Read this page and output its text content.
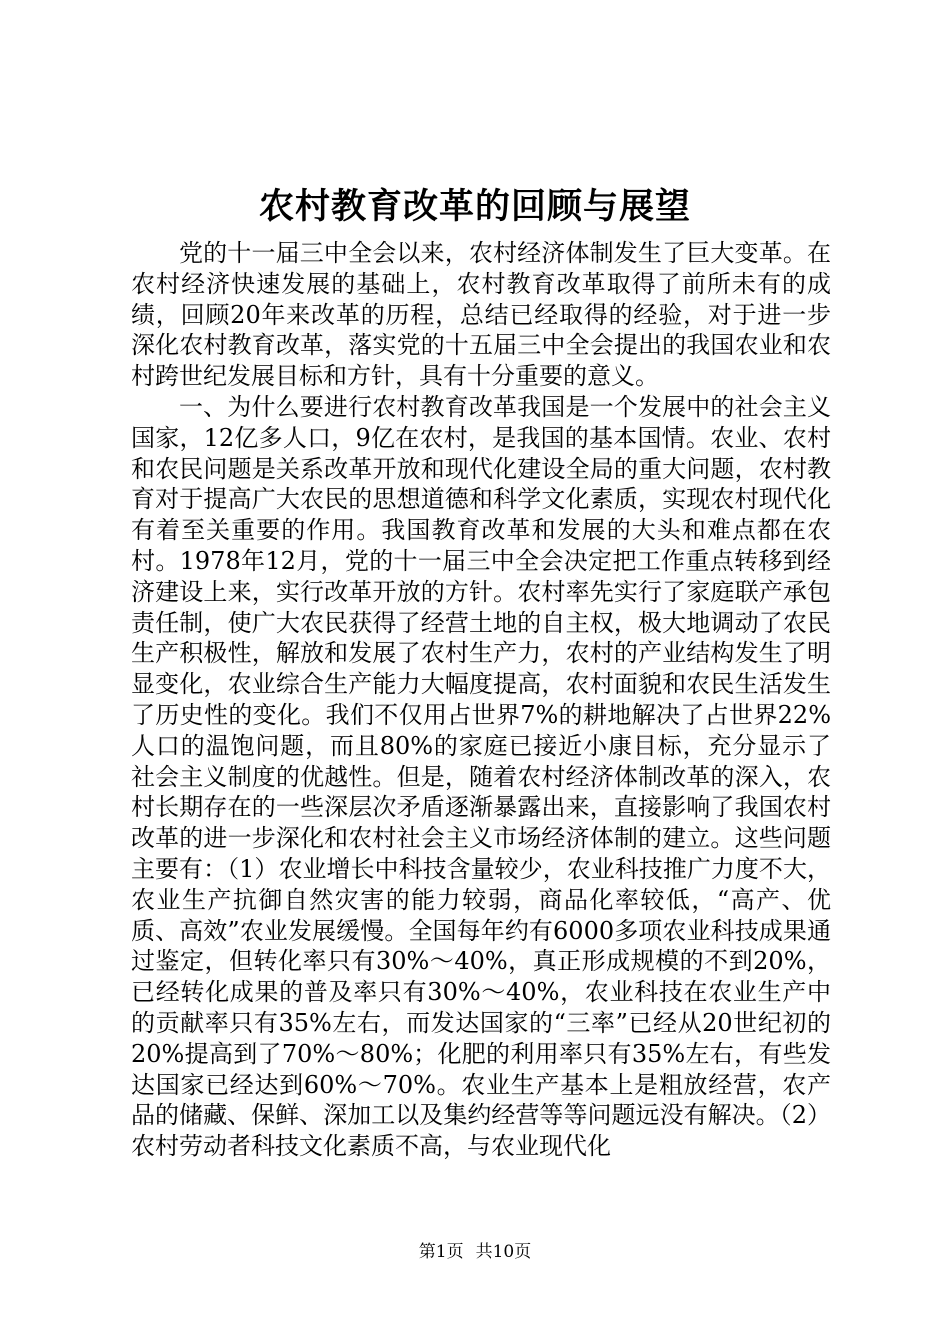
农村教育改革的回顾与展望

党的十一届三中全会以来，农村经济体制发生了巨大变革。在农村经济快速发展的基础上，农村教育改革取得了前所未有的成绩，回顾20年来改革的历程，总结已经取得的经验，对于进一步深化农村教育改革，落实党的十五届三中全会提出的我国农业和农村跨世纪发展目标和方针，具有十分重要的意义。

一、为什么要进行农村教育改革我国是一个发展中的社会主义国家，12亿多人口，9亿在农村，是我国的基本国情。农业、农村和农民问题是关系改革开放和现代化建设全局的重大问题，农村教育对于提高广大农民的思想道德和科学文化素质，实现农村现代化有着至关重要的作用。我国教育改革和发展的大头和难点都在农村。1978年12月，党的十一届三中全会决定把工作重点转移到经济建设上来，实行改革开放的方针。农村率先实行了家庭联产承包责任制，使广大农民获得了经营土地的自主权，极大地调动了农民生产积极性，解放和发展了农村生产力，农村的产业结构发生了明显变化，农业综合生产能力大幅度提高，农村面貌和农民生活发生了历史性的变化。我们不仅用占世界7%的耕地解决了占世界22%人口的温饱问题，而且80%的家庭已接近小康目标，充分显示了社会主义制度的优越性。但是，随着农村经济体制改革的深入，农村长期存在的一些深层次矛盾逐渐暴露出来，直接影响了我国农村改革的进一步深化和农村社会主义市场经济体制的建立。这些问题主要有：（1）农业增长中科技含量较少，农业科技推广力度不大，农业生产抗御自然灾害的能力较弱，商品化率较低，“高产、优质、高效”农业发展缓慢。全国每年约有6000多项农业科技成果通过鉴定，但转化率只有30%～40%，真正形成规模的不到20%，已经转化成果的普及率只有30%～40%，农业科技在农业生产中的贡献率只有35%左右，而发达国家的“三率”已经从20世纪初的20%提高到了70%～80%；化肥的利用率只有35%左右，有些发达国家已经达到60%～70%。农业生产基本上是粗放经营，农产品的储藏、保鲜、深加工以及集约经营等等问题远没有解决。（2）农村劳动者科技文化素质不高，与农业现代化

第1页 共10页
